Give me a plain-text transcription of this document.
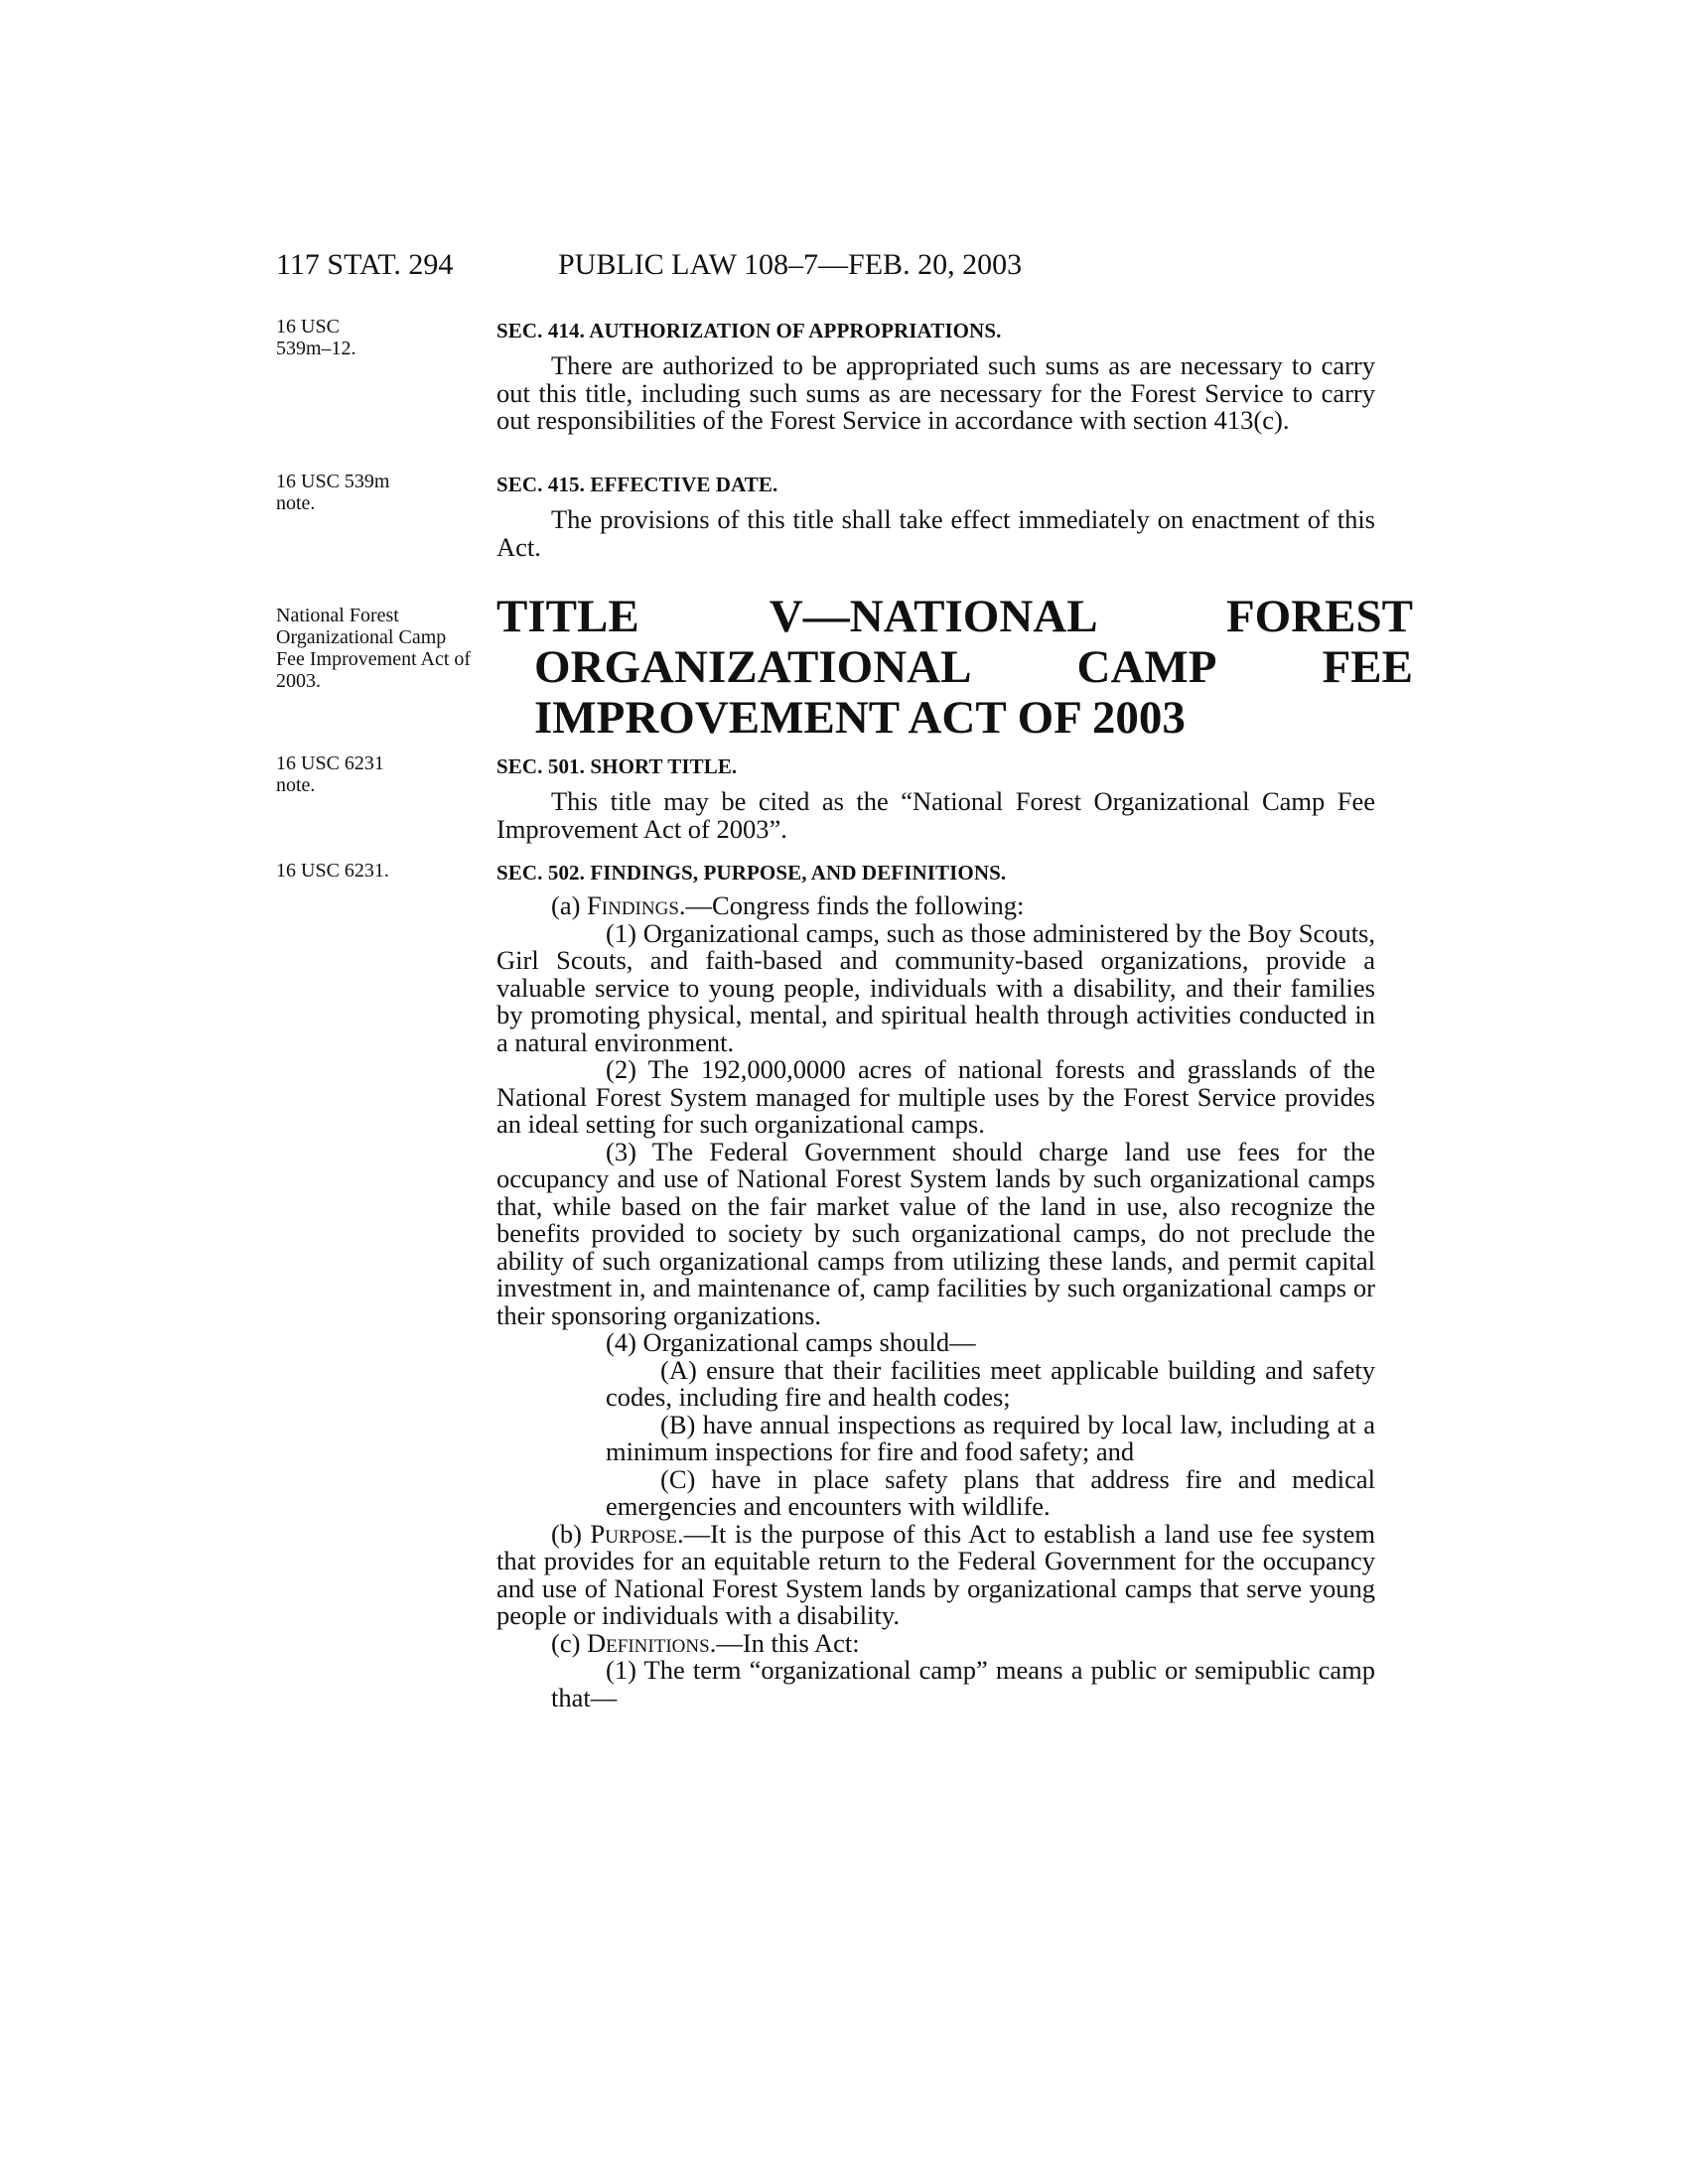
117 STAT. 294	PUBLIC LAW 108–7—FEB. 20, 2003
16 USC 539m–12.
16 USC 539m note.
National Forest Organizational Camp Fee Improvement Act of 2003.
16 USC 6231 note.
16 USC 6231.
SEC. 414. AUTHORIZATION OF APPROPRIATIONS.
There are authorized to be appropriated such sums as are necessary to carry out this title, including such sums as are necessary for the Forest Service to carry out responsibilities of the Forest Service in accordance with section 413(c).
SEC. 415. EFFECTIVE DATE.
The provisions of this title shall take effect immediately on enactment of this Act.
TITLE V—NATIONAL FOREST ORGANIZATIONAL CAMP FEE IMPROVEMENT ACT OF 2003
SEC. 501. SHORT TITLE.
This title may be cited as the “National Forest Organizational Camp Fee Improvement Act of 2003”.
SEC. 502. FINDINGS, PURPOSE, AND DEFINITIONS.
(a) Findings.—Congress finds the following:
(1) Organizational camps, such as those administered by the Boy Scouts, Girl Scouts, and faith-based and community-based organizations, provide a valuable service to young people, individuals with a disability, and their families by promoting physical, mental, and spiritual health through activities conducted in a natural environment.
(2) The 192,000,0000 acres of national forests and grasslands of the National Forest System managed for multiple uses by the Forest Service provides an ideal setting for such organizational camps.
(3) The Federal Government should charge land use fees for the occupancy and use of National Forest System lands by such organizational camps that, while based on the fair market value of the land in use, also recognize the benefits provided to society by such organizational camps, do not preclude the ability of such organizational camps from utilizing these lands, and permit capital investment in, and maintenance of, camp facilities by such organizational camps or their sponsoring organizations.
(4) Organizational camps should—
(A) ensure that their facilities meet applicable building and safety codes, including fire and health codes;
(B) have annual inspections as required by local law, including at a minimum inspections for fire and food safety; and
(C) have in place safety plans that address fire and medical emergencies and encounters with wildlife.
(b) Purpose.—It is the purpose of this Act to establish a land use fee system that provides for an equitable return to the Federal Government for the occupancy and use of National Forest System lands by organizational camps that serve young people or individuals with a disability.
(c) Definitions.—In this Act:
(1) The term “organizational camp” means a public or semipublic camp that—
